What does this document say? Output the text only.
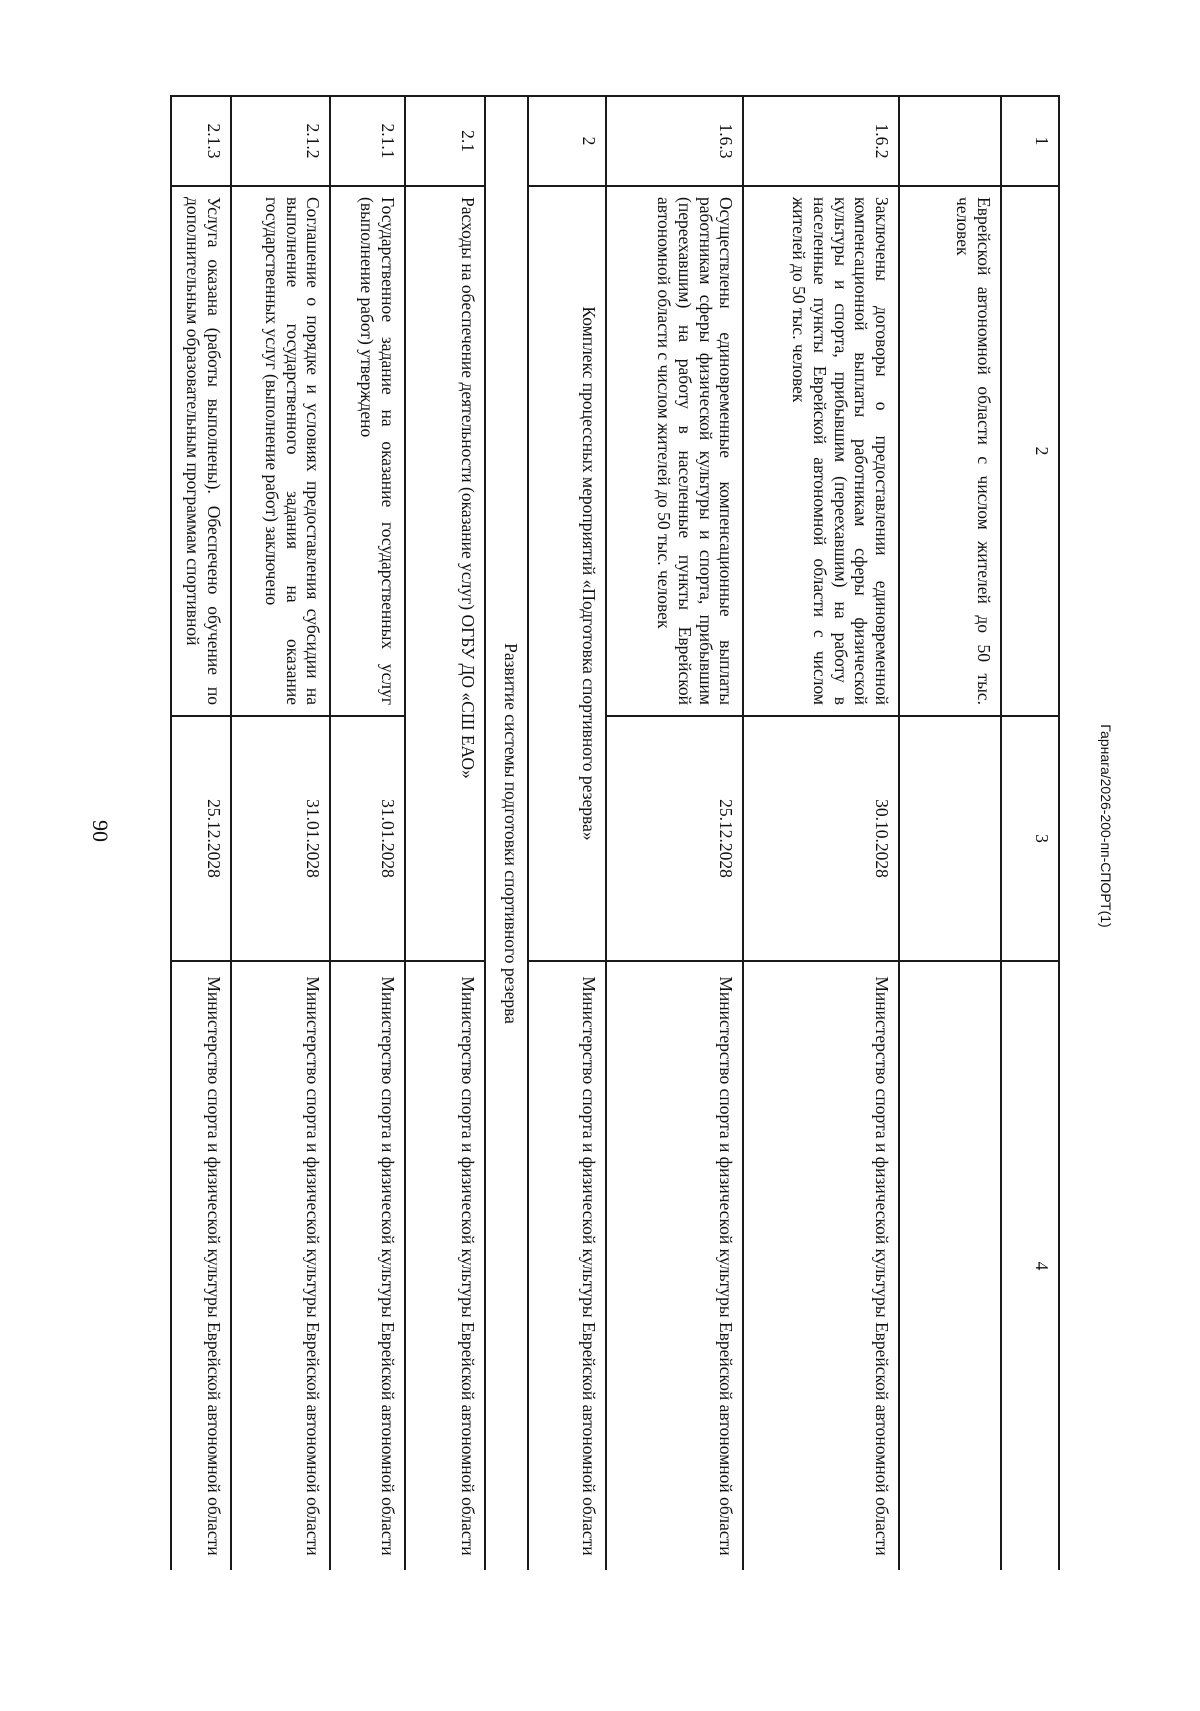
90	Гарнага/2026-200-пп-СПОРТ(1)
1	2	3	4
	Еврейской автономной области с числом жителей до 50 тыс. человек		
1.6.2	Заключены договоры о предоставлении единовременной компенсационной выплаты работникам сферы физической культуры и спорта, прибывшим (переехавшим) на работу в населенные пункты Еврейской автономной области с числом жителей до 50 тыс. человек	30.10.2028	Министерство спорта и физической культуры Еврейской автономной области
1.6.3	Осуществлены единовременные компенсационные выплаты работникам сферы физической культуры и спорта, прибывшим (переехавшим) на работу в населенные пункты Еврейской автономной области с числом жителей до 50 тыс. человек	25.12.2028	Министерство спорта и физической культуры Еврейской автономной области
2	Комплекс процессных мероприятий «Подготовка спортивного резерва»		Министерство спорта и физической культуры Еврейской автономной области
Развитие системы подготовки спортивного резерва			
2.1	Расходы на обеспечение деятельности (оказание услуг) ОГБУ ДО «СШ ЕАО»		Министерство спорта и физической культуры Еврейской автономной области
2.1.1	Государственное задание на оказание государственных услуг (выполнение работ) утверждено	31.01.2028	Министерство спорта и физической культуры Еврейской автономной области
2.1.2	Соглашение о порядке и условиях предоставления субсидии на выполнение государственного задания на оказание государственных услуг (выполнение работ) заключено	31.01.2028	Министерство спорта и физической культуры Еврейской автономной области
2.1.3	Услуга оказана (работы выполнены). Обеспечено обучение по дополнительным образовательным программам спортивной	25.12.2028	Министерство спорта и физической культуры Еврейской автономной области
